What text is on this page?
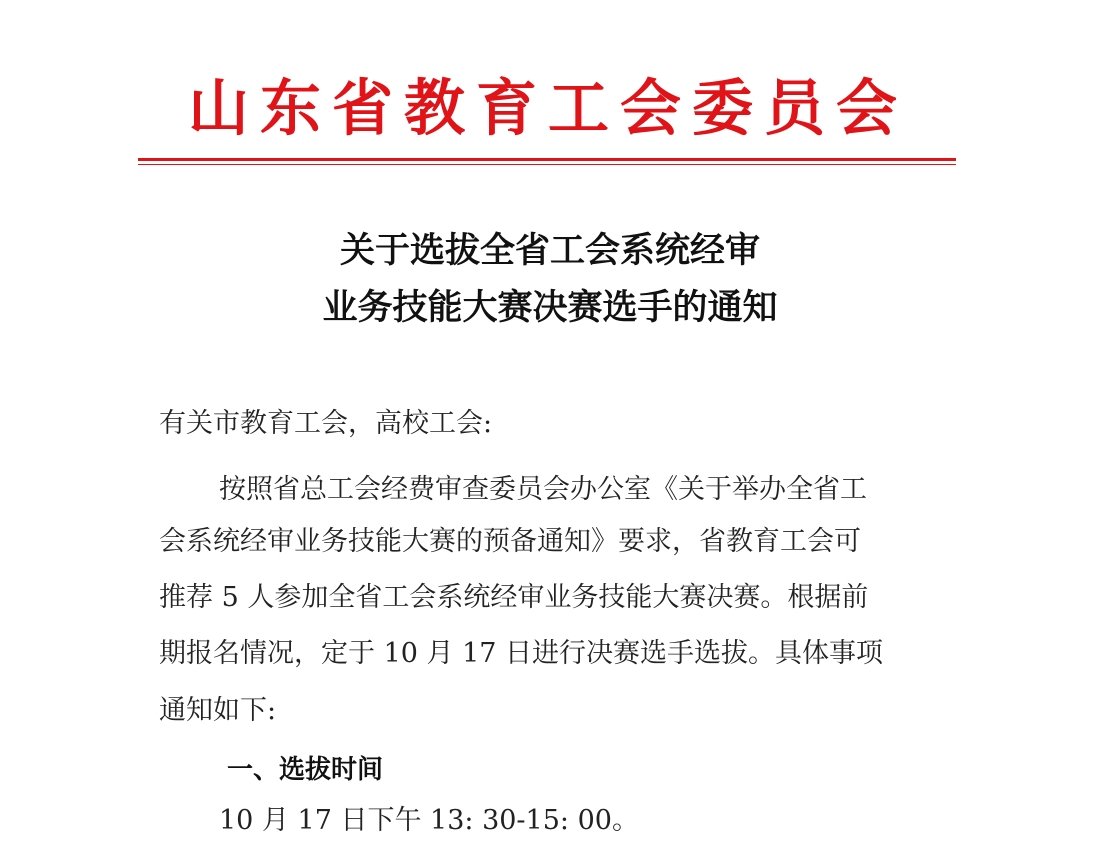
山东省教育工会委员会
关于选拔全省工会系统经审
业务技能大赛决赛选手的通知
有关市教育工会，高校工会:
按照省总工会经费审查委员会办公室《关于举办全省工
会系统经审业务技能大赛的预备通知》要求，省教育工会可
推荐 5 人参加全省工会系统经审业务技能大赛决赛。根据前
期报名情况，定于 10 月 17 日进行决赛选手选拔。具体事项
通知如下:
一、选拔时间
10 月 17 日下午 13: 30-15: 00。
